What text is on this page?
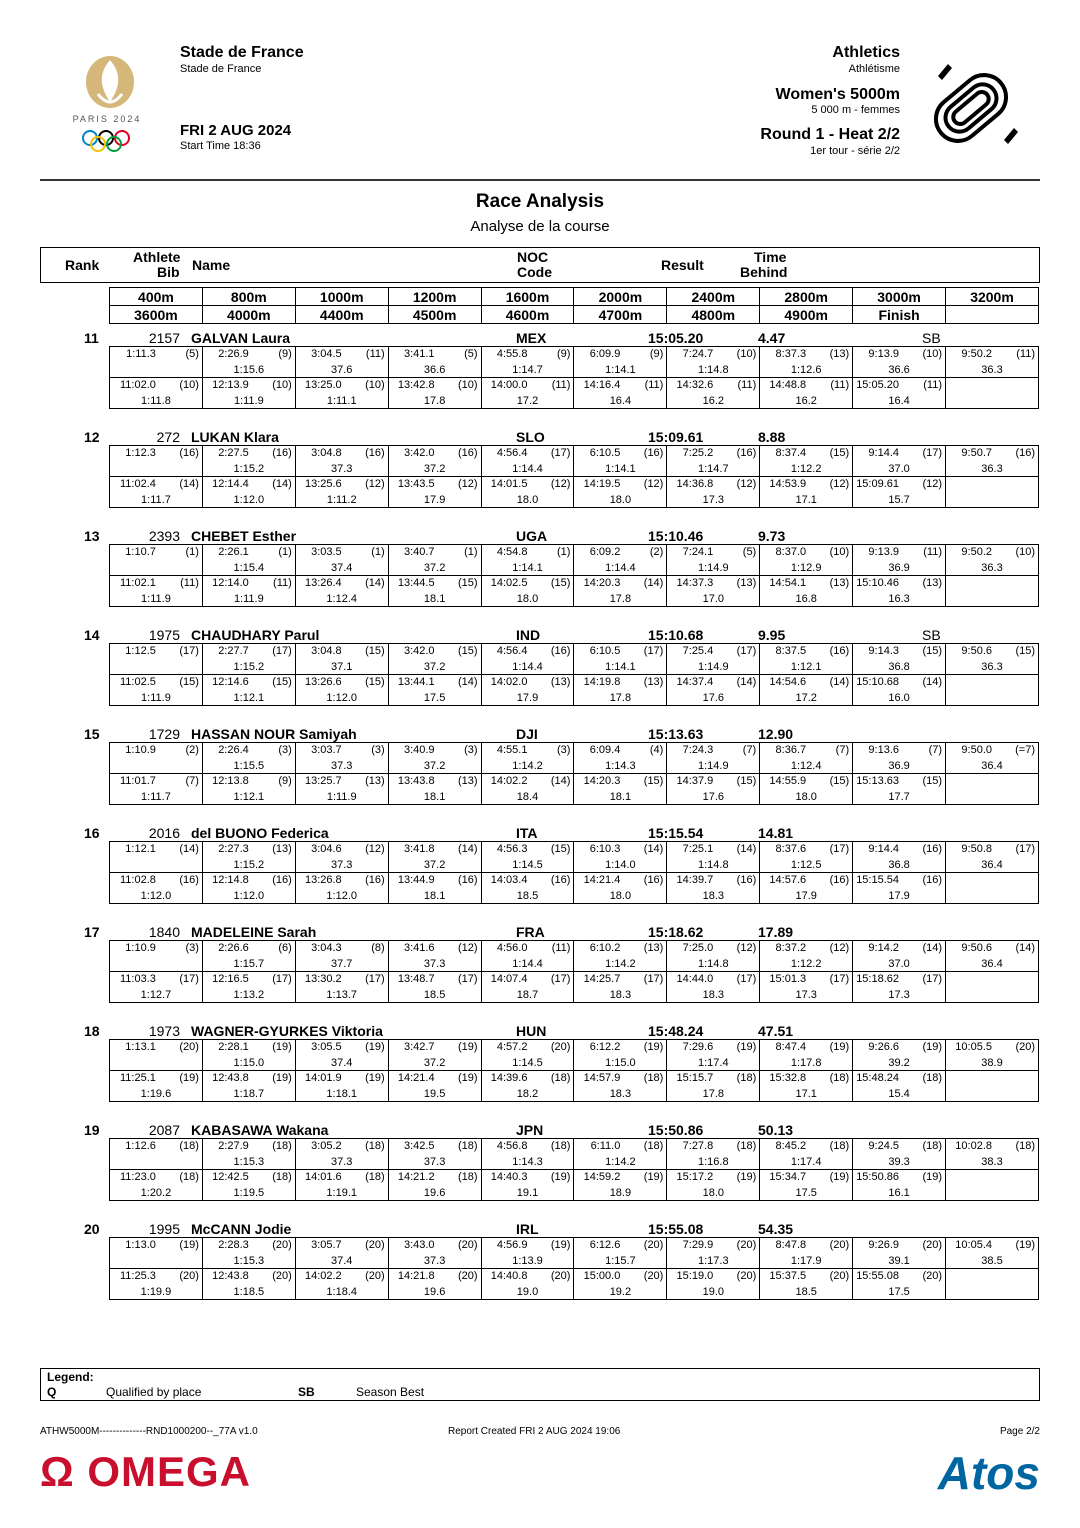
PARIS 2024
Stade de France
Stade de France
FRI 2 AUG 2024
Start Time 18:36
Athletics
Athlétisme
Women's 5000m
5 000 m - femmes
Round 1 - Heat 2/2
1er tour - série 2/2
Race Analysis
Analyse de la course
Rank Athlete
Bib Name	NOC
Code	Result	Time
Behind
400m	800m	1000m	1200m	1600m	2000m	2400m	2800m	3000m	3200m
3600m	4000m	4400m	4500m	4600m	4700m	4800m	4900m	Finish	
11	2157 GALVAN Laura	MEX	15:05.20	4.47	SB
1:11.3 (5)	2:26.9 (9)	3:04.5 (11)	3:41.1 (5)	4:55.8 (9)	6:09.9 (9)	7:24.7 (10)	8:37.3 (13)	9:13.9 (10)	9:50.2 (11)

	1:15.6	37.6	36.6	1:14.7	1:14.1	1:14.8	1:12.6	36.6	36.3

11:02.0 (10)	12:13.9 (10)	13:25.0 (10)	13:42.8 (10)	14:00.0 (11)	14:16.4 (11)	14:32.6 (11)	14:48.8 (11)	15:05.20 (11)	

1:11.8	1:11.9	1:11.1	17.8	17.2	16.4	16.2	16.2	16.4	
12	272 LUKAN Klara	SLO	15:09.61	8.88
1:12.3 (16)	2:27.5 (16)	3:04.8 (16)	3:42.0 (16)	4:56.4 (17)	6:10.5 (16)	7:25.2 (16)	8:37.4 (15)	9:14.4 (17)	9:50.7 (16)

	1:15.2	37.3	37.2	1:14.4	1:14.1	1:14.7	1:12.2	37.0	36.3

11:02.4 (14)	12:14.4 (14)	13:25.6 (12)	13:43.5 (12)	14:01.5 (12)	14:19.5 (12)	14:36.8 (12)	14:53.9 (12)	15:09.61 (12)	

1:11.7	1:12.0	1:11.2	17.9	18.0	18.0	17.3	17.1	15.7	
13	2393 CHEBET Esther	UGA	15:10.46	9.73
1:10.7 (1)	2:26.1 (1)	3:03.5 (1)	3:40.7 (1)	4:54.8 (1)	6:09.2 (2)	7:24.1 (5)	8:37.0 (10)	9:13.9 (11)	9:50.2 (10)

	1:15.4	37.4	37.2	1:14.1	1:14.4	1:14.9	1:12.9	36.9	36.3

11:02.1 (11)	12:14.0 (11)	13:26.4 (14)	13:44.5 (15)	14:02.5 (15)	14:20.3 (14)	14:37.3 (13)	14:54.1 (13)	15:10.46 (13)	

1:11.9	1:11.9	1:12.4	18.1	18.0	17.8	17.0	16.8	16.3	
14	1975 CHAUDHARY Parul	IND	15:10.68	9.95	SB
1:12.5 (17)	2:27.7 (17)	3:04.8 (15)	3:42.0 (15)	4:56.4 (16)	6:10.5 (17)	7:25.4 (17)	8:37.5 (16)	9:14.3 (15)	9:50.6 (15)

	1:15.2	37.1	37.2	1:14.4	1:14.1	1:14.9	1:12.1	36.8	36.3

11:02.5 (15)	12:14.6 (15)	13:26.6 (15)	13:44.1 (14)	14:02.0 (13)	14:19.8 (13)	14:37.4 (14)	14:54.6 (14)	15:10.68 (14)	

1:11.9	1:12.1	1:12.0	17.5	17.9	17.8	17.6	17.2	16.0	
15	1729 HASSAN NOUR Samiyah	DJI	15:13.63	12.90
1:10.9 (2)	2:26.4 (3)	3:03.7 (3)	3:40.9 (3)	4:55.1 (3)	6:09.4 (4)	7:24.3 (7)	8:36.7 (7)	9:13.6 (7)	9:50.0 (=7)

	1:15.5	37.3	37.2	1:14.2	1:14.3	1:14.9	1:12.4	36.9	36.4

11:01.7 (7)	12:13.8 (9)	13:25.7 (13)	13:43.8 (13)	14:02.2 (14)	14:20.3 (15)	14:37.9 (15)	14:55.9 (15)	15:13.63 (15)	

1:11.7	1:12.1	1:11.9	18.1	18.4	18.1	17.6	18.0	17.7	
16	2016 del BUONO Federica	ITA	15:15.54	14.81
1:12.1 (14)	2:27.3 (13)	3:04.6 (12)	3:41.8 (14)	4:56.3 (15)	6:10.3 (14)	7:25.1 (14)	8:37.6 (17)	9:14.4 (16)	9:50.8 (17)

	1:15.2	37.3	37.2	1:14.5	1:14.0	1:14.8	1:12.5	36.8	36.4

11:02.8 (16)	12:14.8 (16)	13:26.8 (16)	13:44.9 (16)	14:03.4 (16)	14:21.4 (16)	14:39.7 (16)	14:57.6 (16)	15:15.54 (16)	

1:12.0	1:12.0	1:12.0	18.1	18.5	18.0	18.3	17.9	17.9	
17	1840 MADELEINE Sarah	FRA	15:18.62	17.89
1:10.9 (3)	2:26.6 (6)	3:04.3 (8)	3:41.6 (12)	4:56.0 (11)	6:10.2 (13)	7:25.0 (12)	8:37.2 (12)	9:14.2 (14)	9:50.6 (14)

	1:15.7	37.7	37.3	1:14.4	1:14.2	1:14.8	1:12.2	37.0	36.4

11:03.3 (17)	12:16.5 (17)	13:30.2 (17)	13:48.7 (17)	14:07.4 (17)	14:25.7 (17)	14:44.0 (17)	15:01.3 (17)	15:18.62 (17)	

1:12.7	1:13.2	1:13.7	18.5	18.7	18.3	18.3	17.3	17.3	
18	1973 WAGNER-GYURKES Viktoria	HUN	15:48.24	47.51
1:13.1 (20)	2:28.1 (19)	3:05.5 (19)	3:42.7 (19)	4:57.2 (20)	6:12.2 (19)	7:29.6 (19)	8:47.4 (19)	9:26.6 (19)	10:05.5 (20)

	1:15.0	37.4	37.2	1:14.5	1:15.0	1:17.4	1:17.8	39.2	38.9

11:25.1 (19)	12:43.8 (19)	14:01.9 (19)	14:21.4 (19)	14:39.6 (18)	14:57.9 (18)	15:15.7 (18)	15:32.8 (18)	15:48.24 (18)	

1:19.6	1:18.7	1:18.1	19.5	18.2	18.3	17.8	17.1	15.4	
19	2087 KABASAWA Wakana	JPN	15:50.86	50.13
1:12.6 (18)	2:27.9 (18)	3:05.2 (18)	3:42.5 (18)	4:56.8 (18)	6:11.0 (18)	7:27.8 (18)	8:45.2 (18)	9:24.5 (18)	10:02.8 (18)

	1:15.3	37.3	37.3	1:14.3	1:14.2	1:16.8	1:17.4	39.3	38.3

11:23.0 (18)	12:42.5 (18)	14:01.6 (18)	14:21.2 (18)	14:40.3 (19)	14:59.2 (19)	15:17.2 (19)	15:34.7 (19)	15:50.86 (19)	

1:20.2	1:19.5	1:19.1	19.6	19.1	18.9	18.0	17.5	16.1	
20	1995 McCANN Jodie	IRL	15:55.08	54.35
1:13.0 (19)	2:28.3 (20)	3:05.7 (20)	3:43.0 (20)	4:56.9 (19)	6:12.6 (20)	7:29.9 (20)	8:47.8 (20)	9:26.9 (20)	10:05.4 (19)

	1:15.3	37.4	37.3	1:13.9	1:15.7	1:17.3	1:17.9	39.1	38.5

11:25.3 (20)	12:43.8 (20)	14:02.2 (20)	14:21.8 (20)	14:40.8 (20)	15:00.0 (20)	15:19.0 (20)	15:37.5 (20)	15:55.08 (20)	

1:19.9	1:18.5	1:18.4	19.6	19.0	19.2	19.0	18.5	17.5	
Legend:
Q	Qualified by place	SB	Season Best
ATHW5000M--------------RND1000200--_77A v1.0	Report Created FRI 2 AUG 2024 19:06	Page 2/2
Ω OMEGA	Atos
